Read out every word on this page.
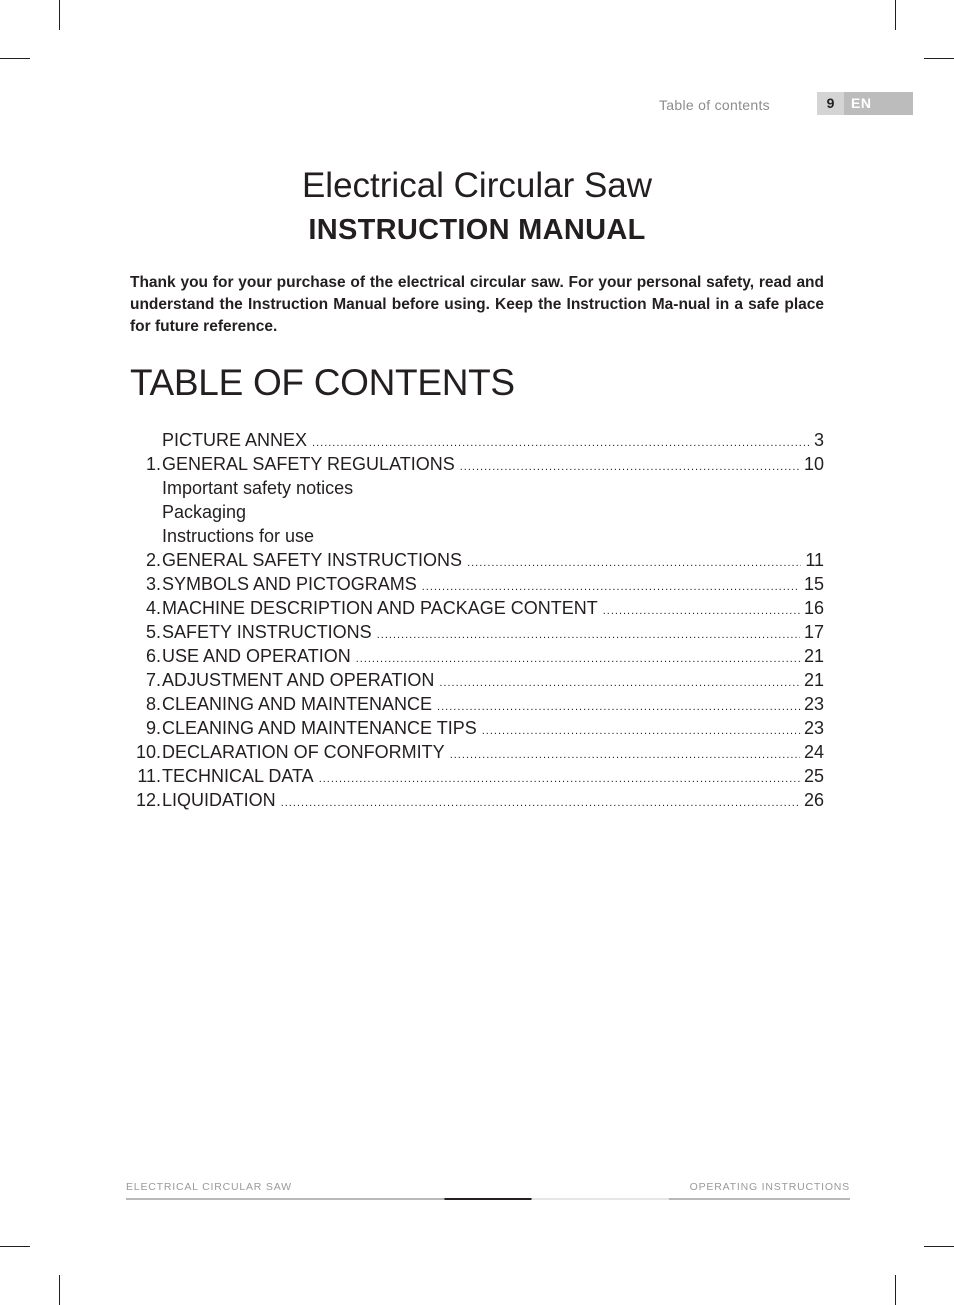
Table of contents	9	EN
Electrical Circular Saw
INSTRUCTION MANUAL

Thank you for your purchase of the electrical circular saw. For your personal safety, read and understand the Instruction Manual before using. Keep the Instruction Ma-nual in a safe place for future reference.

TABLE OF CONTENTS
PICTURE ANNEX .....	3
1. GENERAL SAFETY REGULATIONS .....	10
Important safety notices
Packaging
Instructions for use
2. GENERAL SAFETY INSTRUCTIONS .....	11
3. SYMBOLS AND PICTOGRAMS .....	15
4. MACHINE DESCRIPTION AND PACKAGE CONTENT .....	16
5. SAFETY INSTRUCTIONS .....	17
6. USE AND OPERATION .....	21
7. ADJUSTMENT AND OPERATION .....	21
8. CLEANING AND MAINTENANCE .....	23
9. CLEANING AND MAINTENANCE TIPS .....	23
10. DECLARATION OF CONFORMITY .....	24
11. TECHNICAL DATA .....	25
12. LIQUIDATION .....	26
ELECTRICAL CIRCULAR SAW	OPERATING INSTRUCTIONS
